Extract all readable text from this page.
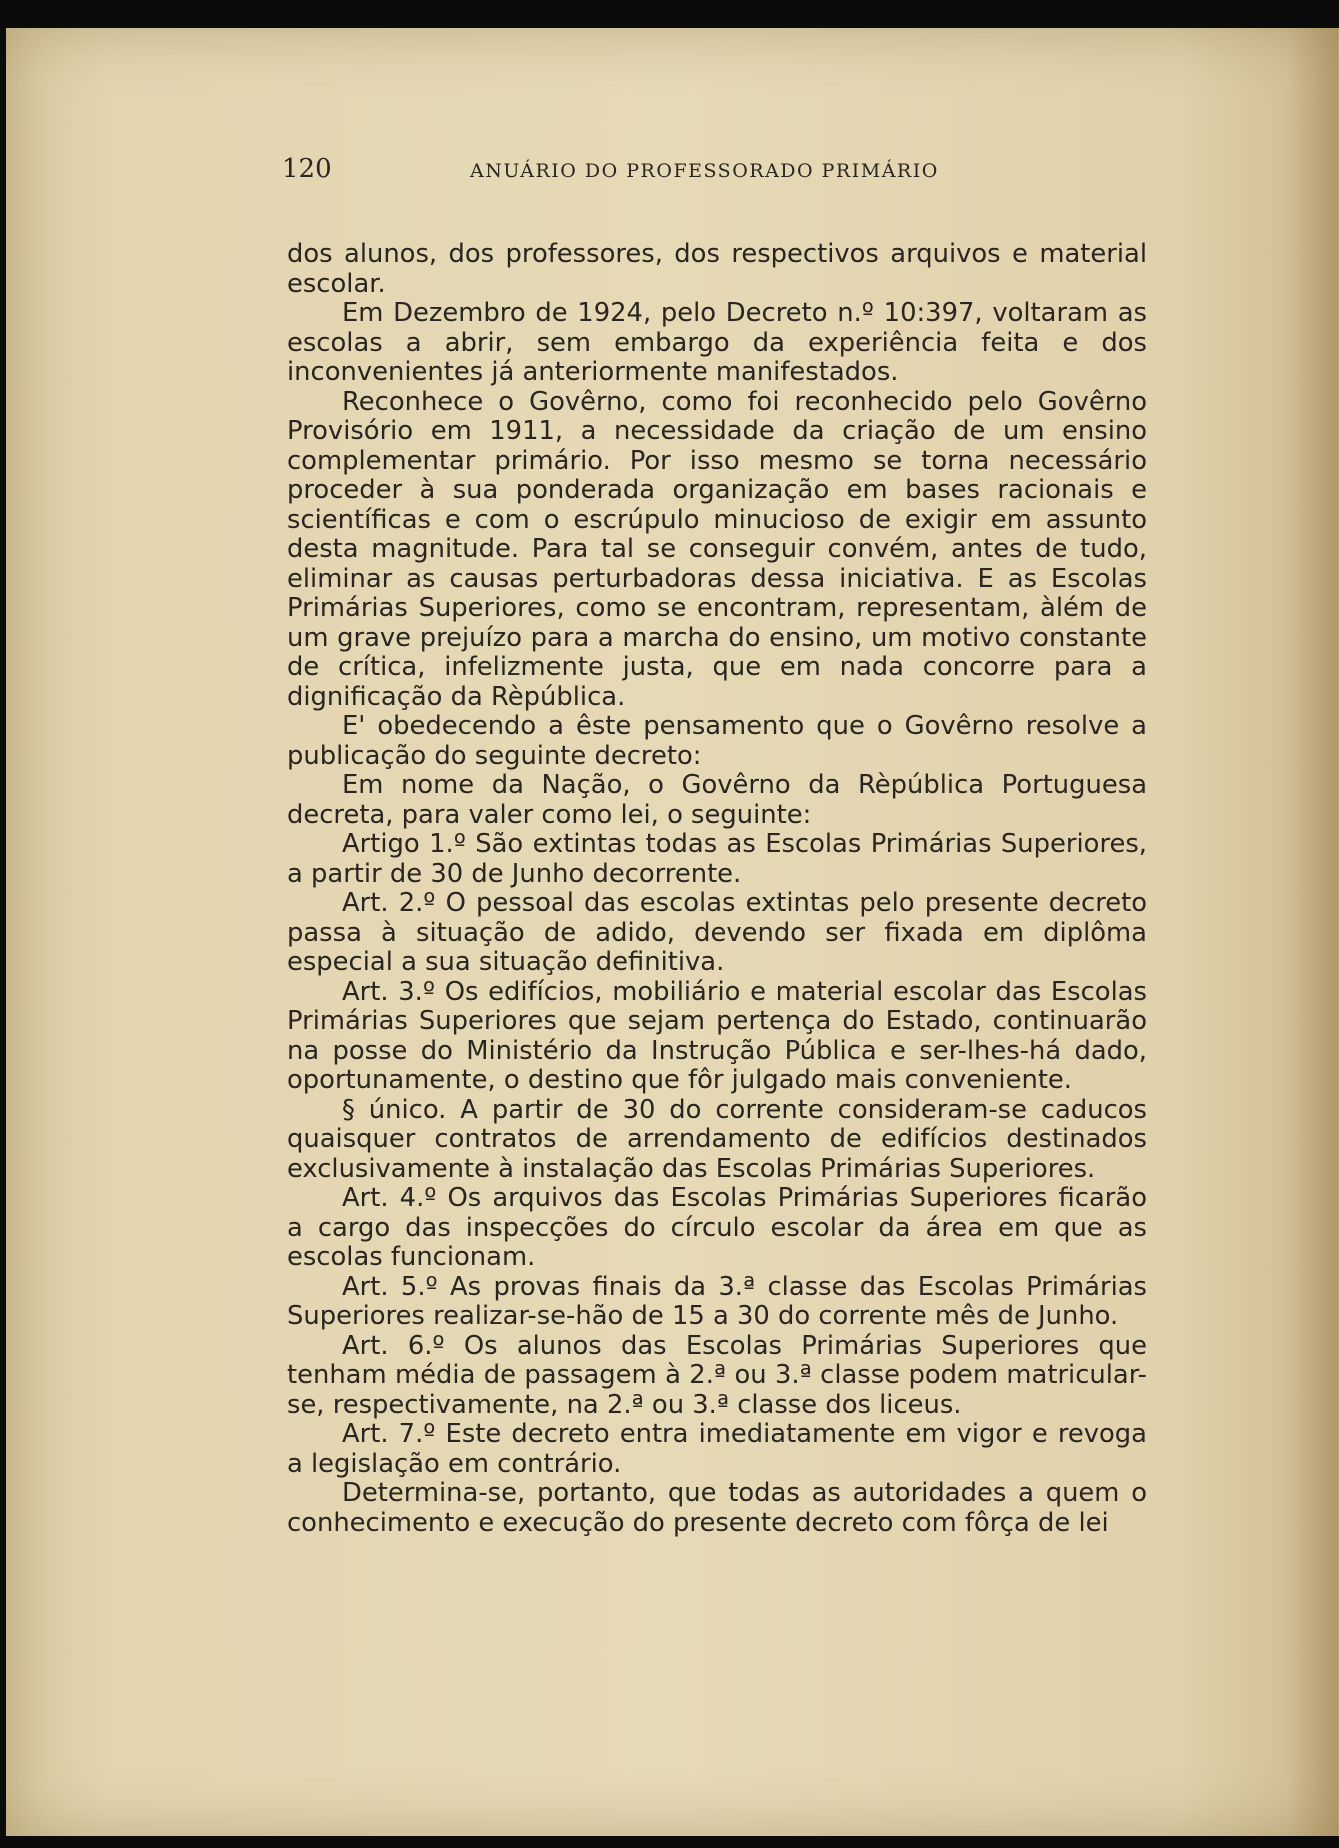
120	ANUÁRIO DO PROFESSORADO PRIMÁRIO

dos alunos, dos professores, dos respectivos arquivos e material escolar.

Em Dezembro de 1924, pelo Decreto n.º 10:397, voltaram as escolas a abrir, sem embargo da experiência feita e dos inconvenientes já anteriormente manifestados.

Reconhece o Govêrno, como foi reconhecido pelo Govêrno Provisório em 1911, a necessidade da criação de um ensino complementar primário. Por isso mesmo se torna necessário proceder à sua ponderada organização em bases racionais e scientíficas e com o escrúpulo minucioso de exigir em assunto desta magnitude. Para tal se conseguir convém, antes de tudo, eliminar as causas perturbadoras dessa iniciativa. E as Escolas Primárias Superiores, como se encontram, representam, àlém de um grave prejuízo para a marcha do ensino, um motivo constante de crítica, infelizmente justa, que em nada concorre para a dignificação da Rèpública.

E' obedecendo a êste pensamento que o Govêrno resolve a publicação do seguinte decreto:

Em nome da Nação, o Govêrno da Rèpública Portuguesa decreta, para valer como lei, o seguinte:

Artigo 1.º São extintas todas as Escolas Primárias Superiores, a partir de 30 de Junho decorrente.

Art. 2.º O pessoal das escolas extintas pelo presente decreto passa à situação de adido, devendo ser fixada em diplôma especial a sua situação definitiva.

Art. 3.º Os edifícios, mobiliário e material escolar das Escolas Primárias Superiores que sejam pertença do Estado, continuarão na posse do Ministério da Instrução Pública e ser-lhes-há dado, oportunamente, o destino que fôr julgado mais conveniente.

§ único. A partir de 30 do corrente consideram-se caducos quaisquer contratos de arrendamento de edifícios destinados exclusivamente à instalação das Escolas Primárias Superiores.

Art. 4.º Os arquivos das Escolas Primárias Superiores ficarão a cargo das inspecções do círculo escolar da área em que as escolas funcionam.

Art. 5.º As provas finais da 3.ª classe das Escolas Primárias Superiores realizar-se-hão de 15 a 30 do corrente mês de Junho.

Art. 6.º Os alunos das Escolas Primárias Superiores que tenham média de passagem à 2.ª ou 3.ª classe podem matricular-se, respectivamente, na 2.ª ou 3.ª classe dos liceus.

Art. 7.º Este decreto entra imediatamente em vigor e revoga a legislação em contrário.

Determina-se, portanto, que todas as autoridades a quem o conhecimento e execução do presente decreto com fôrça de lei
